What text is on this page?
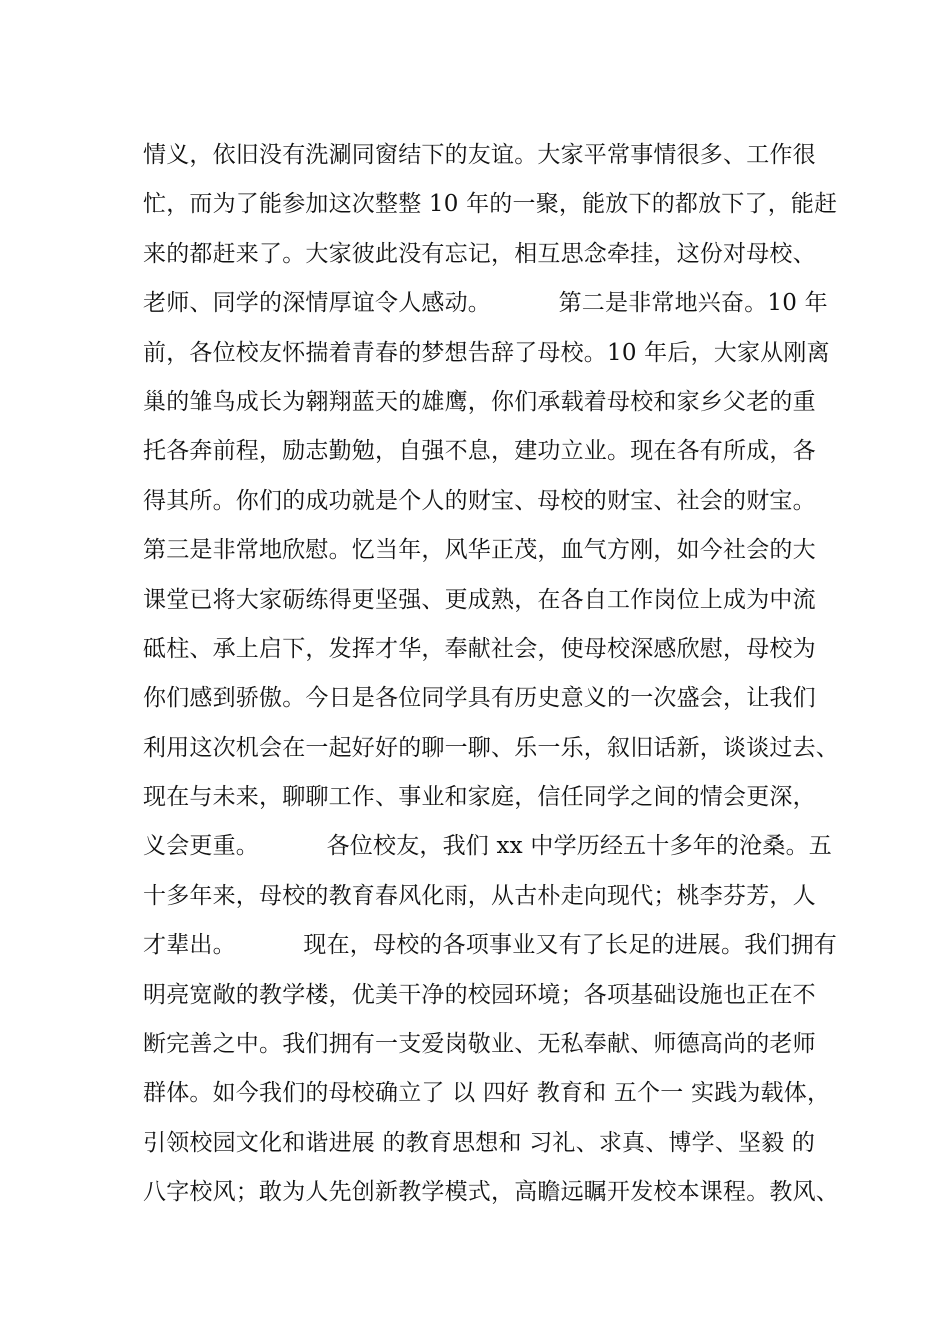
情义，依旧没有洗涮同窗结下的友谊。大家平常事情很多、工作很
忙，而为了能参加这次整整 10 年的一聚，能放下的都放下了，能赶
来的都赶来了。大家彼此没有忘记，相互思念牵挂，这份对母校、
老师、同学的深情厚谊令人感动。         第二是非常地兴奋。10 年
前，各位校友怀揣着青春的梦想告辞了母校。10 年后，大家从刚离
巢的雏鸟成长为翱翔蓝天的雄鹰，你们承载着母校和家乡父老的重
托各奔前程，励志勤勉，自强不息，建功立业。现在各有所成，各
得其所。你们的成功就是个人的财宝、母校的财宝、社会的财宝。
第三是非常地欣慰。忆当年，风华正茂，血气方刚，如今社会的大
课堂已将大家砺练得更坚强、更成熟，在各自工作岗位上成为中流
砥柱、承上启下，发挥才华，奉献社会，使母校深感欣慰，母校为
你们感到骄傲。今日是各位同学具有历史意义的一次盛会，让我们
利用这次机会在一起好好的聊一聊、乐一乐，叙旧话新，谈谈过去、
现在与未来，聊聊工作、事业和家庭，信任同学之间的情会更深，
义会更重。         各位校友，我们 xx 中学历经五十多年的沧桑。五
十多年来，母校的教育春风化雨，从古朴走向现代；桃李芬芳，人
才辈出。         现在，母校的各项事业又有了长足的进展。我们拥有
明亮宽敞的教学楼，优美干净的校园环境；各项基础设施也正在不
断完善之中。我们拥有一支爱岗敬业、无私奉献、师德高尚的老师
群体。如今我们的母校确立了 以 四好 教育和 五个一 实践为载体，
引领校园文化和谐进展 的教育思想和 习礼、求真、博学、坚毅 的
八字校风；敢为人先创新教学模式，高瞻远瞩开发校本课程。教风、
